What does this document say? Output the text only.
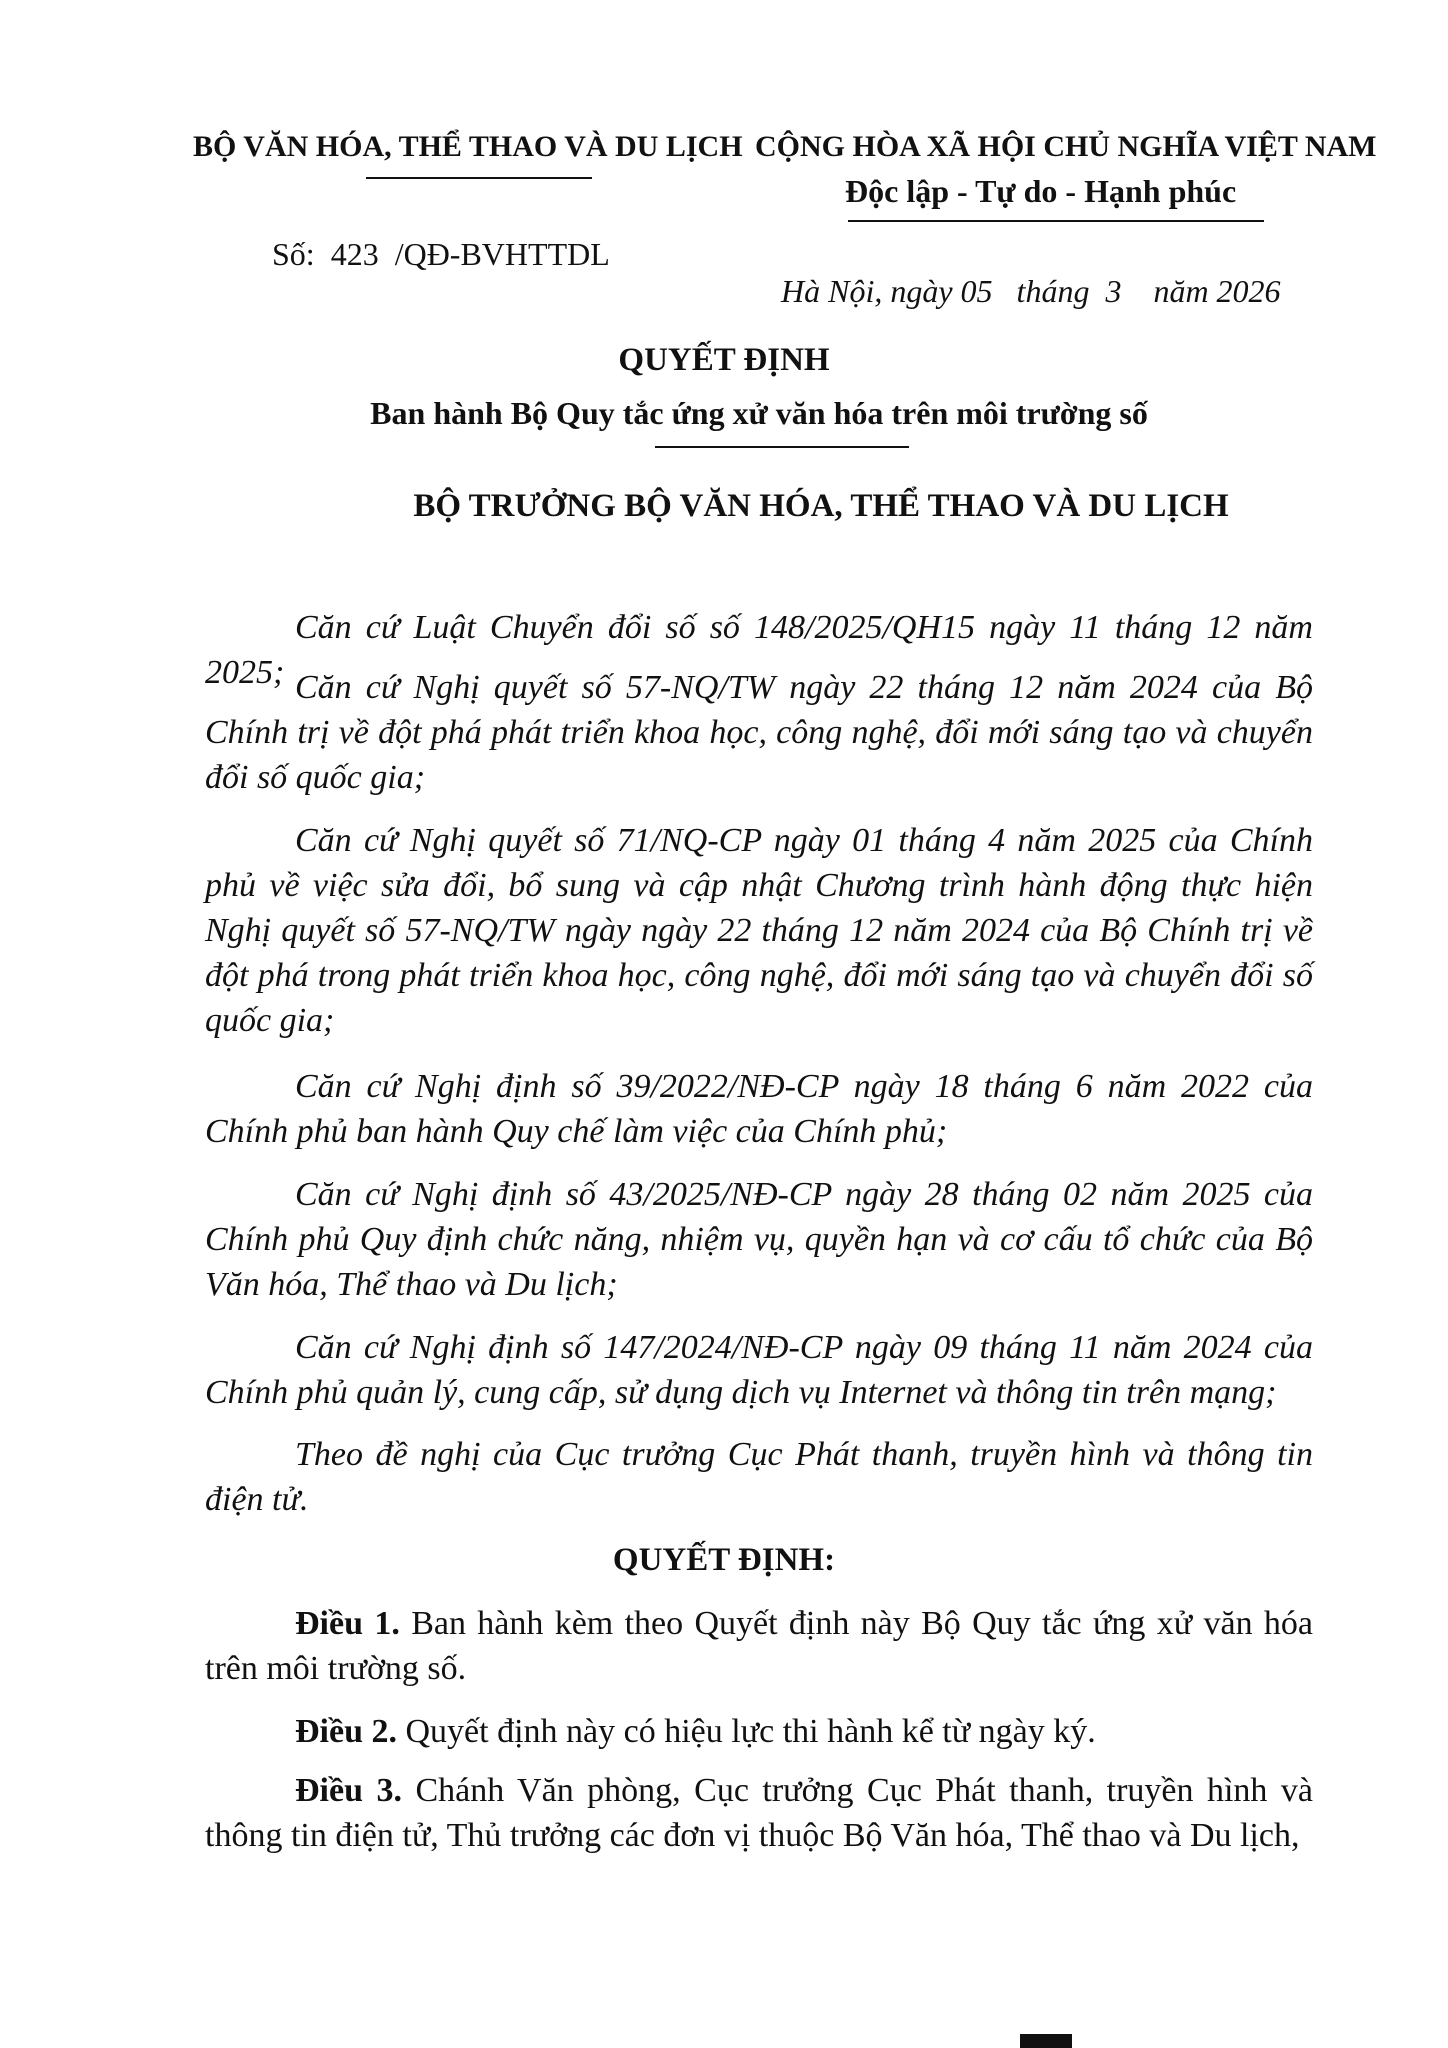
BỘ VĂN HÓA, THỂ THAO VÀ DU LỊCH CỘNG HÒA XÃ HỘI CHỦ NGHĨA VIỆT NAM
Độc lập - Tự do - Hạnh phúc
Số:  423  /QĐ-BVHTTDL
Hà Nội, ngày 05   tháng  3    năm 2026
QUYẾT ĐỊNH
Ban hành Bộ Quy tắc ứng xử văn hóa trên môi trường số
BỘ TRƯỞNG BỘ VĂN HÓA, THỂ THAO VÀ DU LỊCH
Căn cứ Luật Chuyển đổi số số 148/2025/QH15 ngày 11 tháng 12 năm 2025; Căn cứ Nghị quyết số 57-NQ/TW ngày 22 tháng 12 năm 2024 của Bộ Chính trị về đột phá phát triển khoa học, công nghệ, đổi mới sáng tạo và chuyển đổi số quốc gia;
Căn cứ Nghị quyết số 71/NQ-CP ngày 01 tháng 4 năm 2025 của Chính phủ về việc sửa đổi, bổ sung và cập nhật Chương trình hành động thực hiện Nghị quyết số 57-NQ/TW ngày ngày 22 tháng 12 năm 2024 của Bộ Chính trị về đột phá trong phát triển khoa học, công nghệ, đổi mới sáng tạo và chuyển đổi số quốc gia;
Căn cứ Nghị định số 39/2022/NĐ-CP ngày 18 tháng 6 năm 2022 của Chính phủ ban hành Quy chế làm việc của Chính phủ;
Căn cứ Nghị định số 43/2025/NĐ-CP ngày 28 tháng 02 năm 2025 của Chính phủ Quy định chức năng, nhiệm vụ, quyền hạn và cơ cấu tổ chức của Bộ Văn hóa, Thể thao và Du lịch;
Căn cứ Nghị định số 147/2024/NĐ-CP ngày 09 tháng 11 năm 2024 của Chính phủ quản lý, cung cấp, sử dụng dịch vụ Internet và thông tin trên mạng;
Theo đề nghị của Cục trưởng Cục Phát thanh, truyền hình và thông tin điện tử.
QUYẾT ĐỊNH:
Điều 1. Ban hành kèm theo Quyết định này Bộ Quy tắc ứng xử văn hóa trên môi trường số.
Điều 2. Quyết định này có hiệu lực thi hành kể từ ngày ký.
Điều 3. Chánh Văn phòng, Cục trưởng Cục Phát thanh, truyền hình và thông tin điện tử, Thủ trưởng các đơn vị thuộc Bộ Văn hóa, Thể thao và Du lịch,
